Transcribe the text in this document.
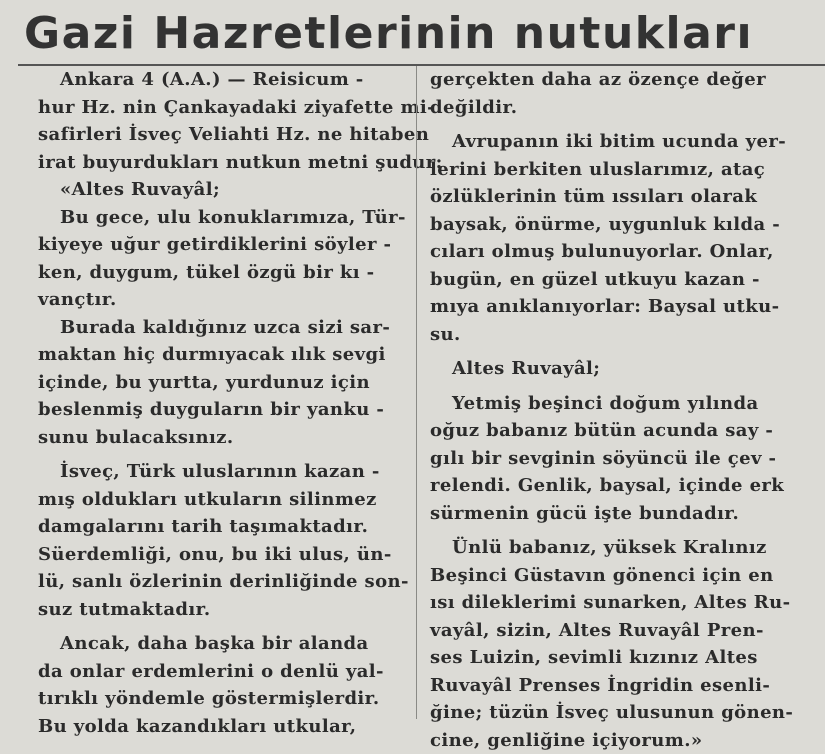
Gazi Hazretlerinin nutukları
Ankara 4 (A.A.) — Reisicum -
hur Hz. nin Çankayadaki ziyafette mi-
safirleri İsveç Veliahti Hz. ne hitaben
irat buyurdukları nutkun metni şudur:
«Altes Ruvayâl;
Bu gece, ulu konuklarımıza, Tür-
kiyeye uğur getirdiklerini söyler -
ken, duygum, tükel özgü bir kı -
vançtır.
Burada kaldığınız uzca sizi sar-
maktan hiç durmıyacak ılık sevgi
içinde, bu yurtta, yurdunuz için
beslenmiş duyguların bir yanku -
sunu bulacaksınız.
İsveç, Türk uluslarının kazan -
mış oldukları utkuların silinmez
damgalarını tarih taşımaktadır.
Süerdemliği, onu, bu iki ulus, ün-
lü, sanlı özlerinin derinliğinde son-
suz tutmaktadır.
Ancak, daha başka bir alanda
da onlar erdemlerini o denlü yal-
tırıklı yöndemle göstermişlerdir.
Bu yolda kazandıkları utkular,
gerçekten daha az özençe değer
değildir.
Avrupanın iki bitim ucunda yer-
lerini berkiten uluslarımız, ataç
özlüklerinin tüm ıssıları olarak
baysak, önürme, uygunluk kılda -
cıları olmuş bulunuyorlar. Onlar,
bugün, en güzel utkuyu kazan -
mıya anıklanıyorlar: Baysal utku-
su.
Altes Ruvayâl;
Yetmiş beşinci doğum yılında
oğuz babanız bütün acunda say -
gılı bir sevginin söyüncü ile çev -
relendi. Genlik, baysal, içinde erk
sürmenin gücü işte bundadır.
Ünlü babanız, yüksek Kralınız
Beşinci Güstavın gönenci için en
ısı dileklerimi sunarken, Altes Ru-
vayâl, sizin, Altes Ruvayâl Pren-
ses Luizin, sevimli kızınız Altes
Ruvayâl Prenses İngridin esenli-
ğine; tüzün İsveç ulusunun gönen-
cine, genliğine içiyorum.»
